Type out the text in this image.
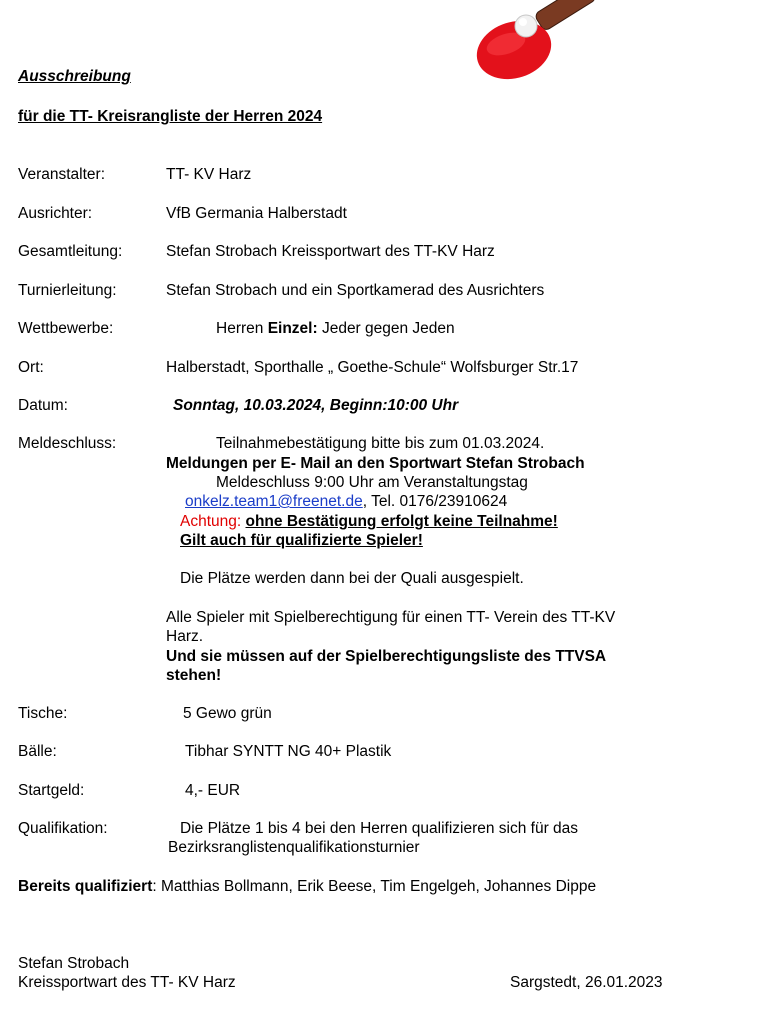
Ausschreibung
für die TT- Kreisrangliste der Herren 2024
Veranstalter:	TT- KV Harz
Ausrichter:	VfB Germania Halberstadt
Gesamtleitung:	Stefan Strobach Kreissportwart des TT-KV Harz
Turnierleitung:	Stefan Strobach und ein Sportkamerad des Ausrichters
Wettbewerbe:	Herren Einzel: Jeder gegen Jeden
Ort:	Halberstadt, Sporthalle „ Goethe-Schule“ Wolfsburger Str.17
Datum:	Sonntag, 10.03.2024, Beginn:10:00 Uhr
Meldeschluss:	Teilnahmebestätigung bitte bis zum 01.03.2024.
Meldungen per E- Mail an den Sportwart Stefan Strobach
Meldeschluss 9:00 Uhr am Veranstaltungstag
onkelz.team1@freenet.de, Tel. 0176/23910624
Achtung: ohne Bestätigung erfolgt keine Teilnahme!
Gilt auch für qualifizierte Spieler!
Die Plätze werden dann bei der Quali ausgespielt.
Alle Spieler mit Spielberechtigung für einen TT- Verein des TT-KV
Harz.
Und sie müssen auf der Spielberechtigungsliste des TTVSA
stehen!
Tische:	5 Gewo grün
Bälle:	Tibhar SYNTT NG 40+ Plastik
Startgeld:	4,- EUR
Qualifikation:	Die Plätze 1 bis 4 bei den Herren qualifizieren sich für das
Bezirksranglistenqualifikationsturnier
Bereits qualifiziert: Matthias Bollmann, Erik Beese, Tim Engelgeh, Johannes Dippe
Stefan Strobach
Kreissportwart des TT- KV Harz	Sargstedt, 26.01.2023
